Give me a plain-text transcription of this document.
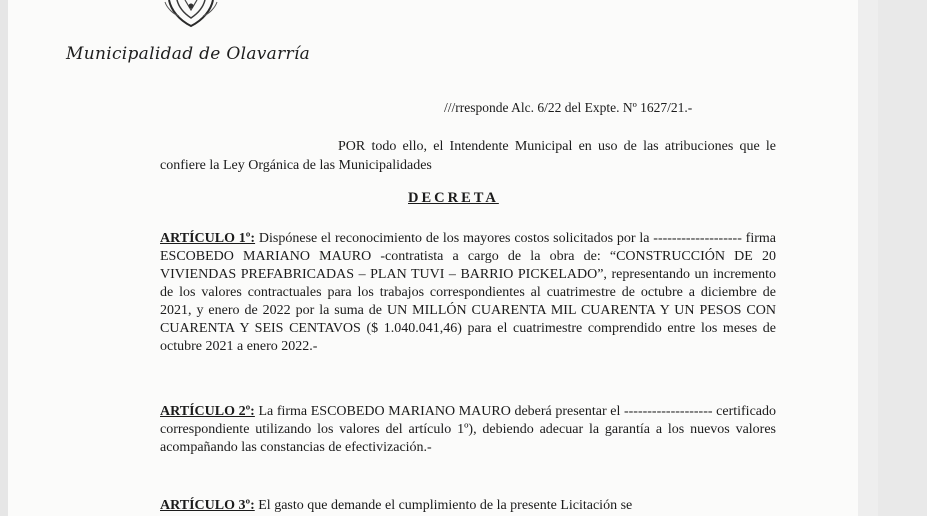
Municipalidad de Olavarría
///rresponde Alc. 6/22 del Expte. Nº 1627/21.-
POR todo ello, el Intendente Municipal en uso de las atribuciones que le confiere la Ley Orgánica de las Municipalidades
DECRETA
ARTÍCULO 1º: Dispónese el reconocimiento de los mayores costos solicitados por la ------------------- firma ESCOBEDO MARIANO MAURO -contratista a cargo de la obra de: “CONSTRUCCIÓN DE 20 VIVIENDAS PREFABRICADAS – PLAN TUVI – BARRIO PICKELADO”, representando un incremento de los valores contractuales para los trabajos correspondientes al cuatrimestre de octubre a diciembre de 2021, y enero de 2022 por la suma de UN MILLÓN CUARENTA MIL CUARENTA Y UN PESOS CON CUARENTA Y SEIS CENTAVOS ($ 1.040.041,46) para el cuatrimestre comprendido entre los meses de octubre 2021 a enero 2022.-
ARTÍCULO 2º: La firma ESCOBEDO MARIANO MAURO deberá presentar el ------------------- certificado correspondiente utilizando los valores del artículo 1º), debiendo adecuar la garantía a los nuevos valores acompañando las constancias de efectivización.-
ARTÍCULO 3º: El gasto que demande el cumplimiento de la presente Licitación se
